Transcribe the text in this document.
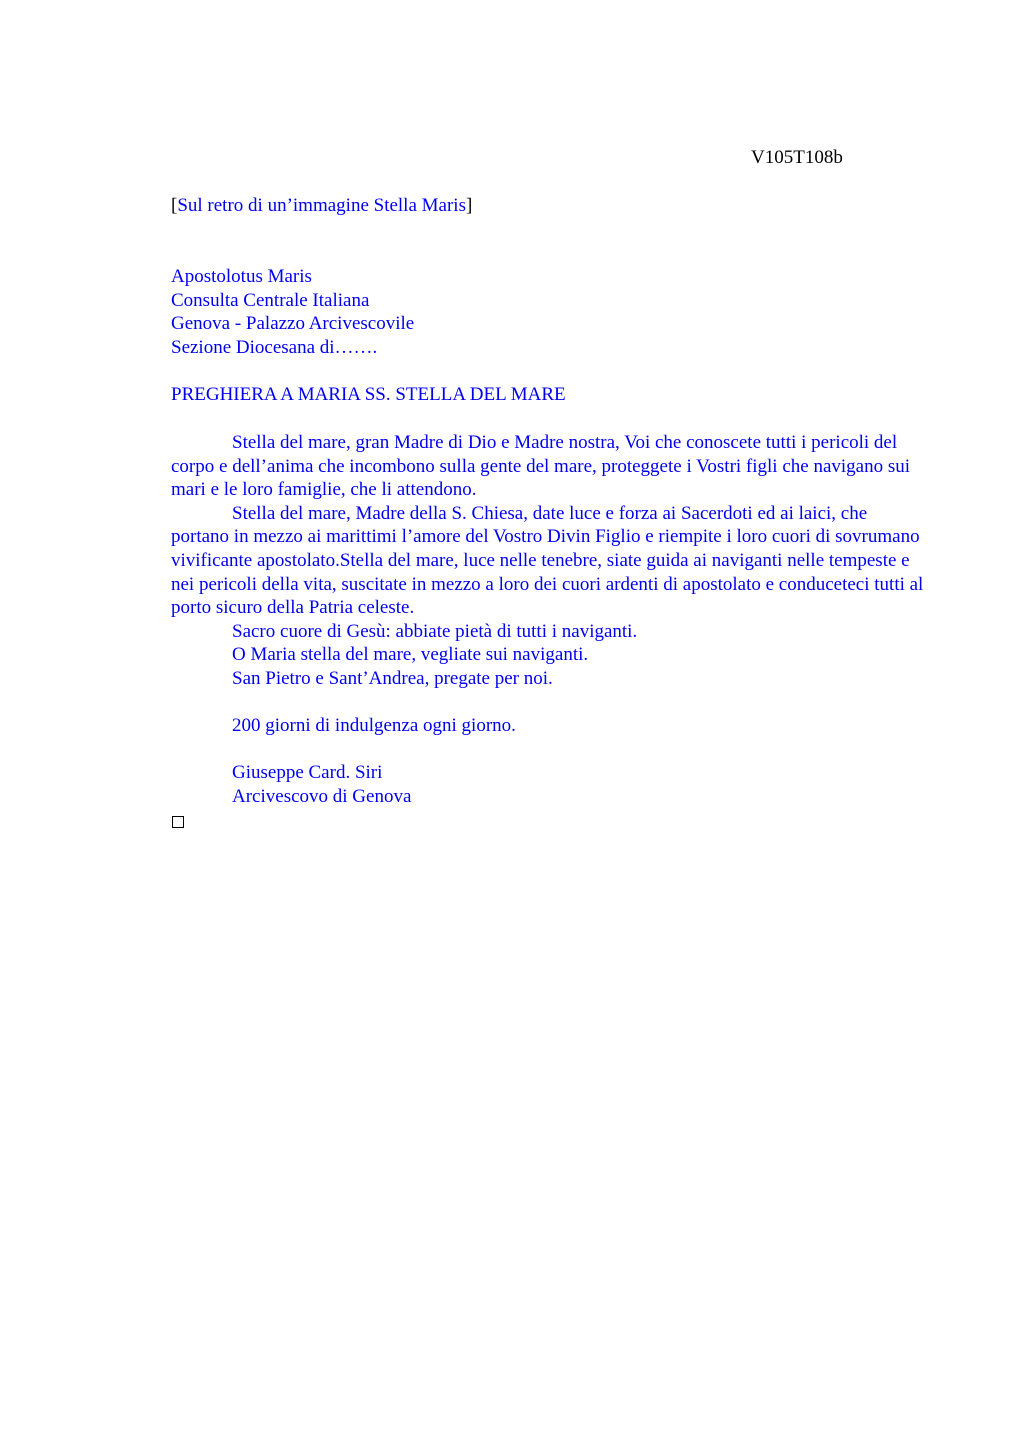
V105T108b
[Sul retro di un’immagine Stella Maris]

Apostolotus Maris

Consulta Centrale Italiana

Genova - Palazzo Arcivescovile

Sezione Diocesana di…….

PREGHIERA A MARIA SS. STELLA DEL MARE

Stella del mare, gran Madre di Dio e Madre nostra, Voi che conoscete tutti i pericoli del corpo e dell’anima che incombono sulla gente del mare, proteggete i Vostri figli che navigano sui mari e le loro famiglie, che li attendono.

Stella del mare, Madre della S. Chiesa, date luce e forza ai Sacerdoti ed ai laici, che portano in mezzo ai marittimi l’amore del Vostro Divin Figlio e riempite i loro cuori di sovrumano vivificante apostolato.Stella del mare, luce nelle tenebre, siate guida ai naviganti nelle tempeste e nei pericoli della vita, suscitate in mezzo a loro dei cuori ardenti di apostolato e conduceteci tutti al porto sicuro della Patria celeste.

Sacro cuore di Gesù: abbiate pietà di tutti i naviganti.

O Maria stella del mare, vegliate sui naviganti.

San Pietro e Sant’Andrea, pregate per noi.

200 giorni di indulgenza ogni giorno.

Giuseppe Card. Siri

Arcivescovo di Genova
